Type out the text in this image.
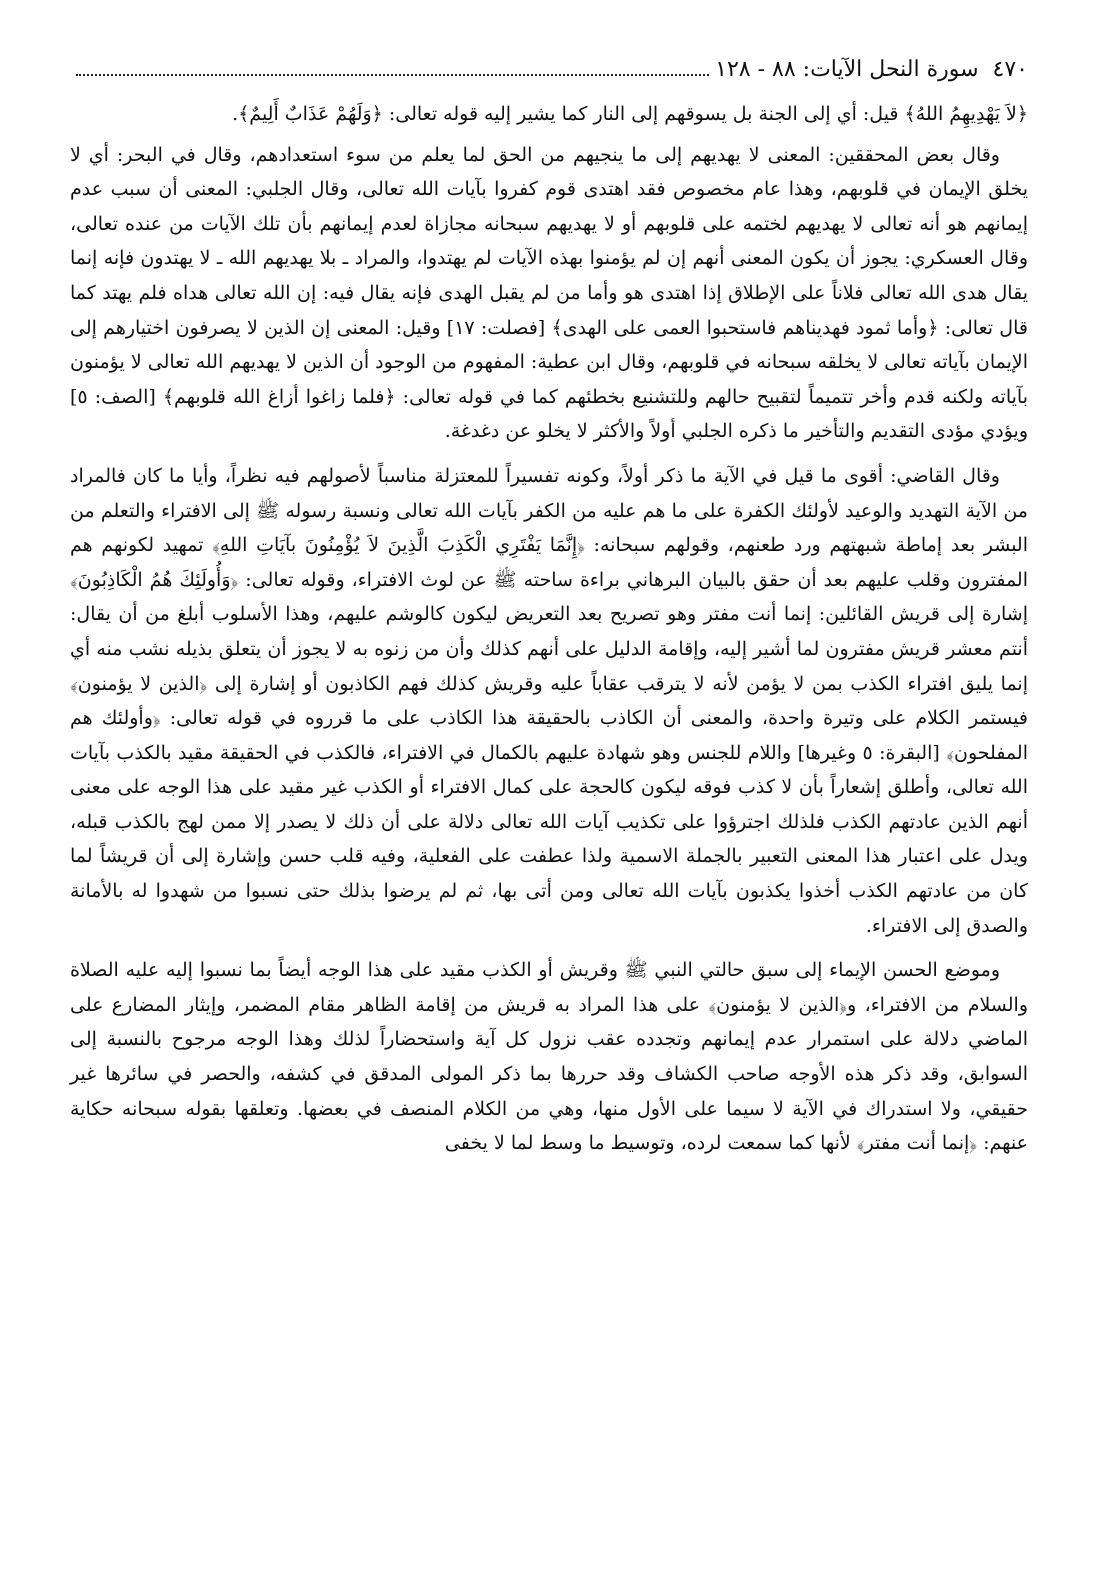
٤٧٠
سورة النحل الآيات: ٨٨ - ١٢٨

﴿لاَ يَهْدِيهِمُ اللهُ﴾ قيل: أي إلى الجنة بل يسوقهم إلى النار كما يشير إليه قوله تعالى: ﴿وَلَهُمْ عَذَابٌ أَلِيمٌ﴾.

وقال بعض المحققين: المعنى لا يهديهم إلى ما ينجيهم من الحق لما يعلم من سوء استعدادهم، وقال في البحر: أي لا يخلق الإيمان في قلوبهم، وهذا عام مخصوص فقد اهتدى قوم كفروا بآيات الله تعالى، وقال الجلبي: المعنى أن سبب عدم إيمانهم هو أنه تعالى لا يهديهم لختمه على قلوبهم أو لا يهديهم سبحانه مجازاة لعدم إيمانهم بأن تلك الآيات من عنده تعالى، وقال العسكري: يجوز أن يكون المعنى أنهم إن لم يؤمنوا بهذه الآيات لم يهتدوا، والمراد ـ بلا يهديهم الله ـ لا يهتدون فإنه إنما يقال هدى الله تعالى فلاناً على الإطلاق إذا اهتدى هو وأما من لم يقبل الهدى فإنه يقال فيه: إن الله تعالى هداه فلم يهتد كما قال تعالى: ﴿وأما ثمود فهديناهم فاستحبوا العمى على الهدى﴾ [فصلت: ١٧] وقيل: المعنى إن الذين لا يصرفون اختيارهم إلى الإيمان بآياته تعالى لا يخلقه سبحانه في قلوبهم، وقال ابن عطية: المفهوم من الوجود أن الذين لا يهديهم الله تعالى لا يؤمنون بآياته ولكنه قدم وأخر تتميماً لتقبيح حالهم وللتشنيع بخطئهم كما في قوله تعالى: ﴿فلما زاغوا أزاغ الله قلوبهم﴾ [الصف: ٥] ويؤدي مؤدى التقديم والتأخير ما ذكره الجلبي أولاً والأكثر لا يخلو عن دغدغة.

وقال القاضي: أقوى ما قيل في الآية ما ذكر أولاً، وكونه تفسيراً للمعتزلة مناسباً لأصولهم فيه نظراً، وأيا ما كان فالمراد من الآية التهديد والوعيد لأولئك الكفرة على ما هم عليه من الكفر بآيات الله تعالى ونسبة رسوله ﷺ إلى الافتراء والتعلم من البشر بعد إماطة شبهتهم ورد طعنهم، وقولهم سبحانه: ﴿إِنَّمَا يَفْتَرِي الْكَذِبَ الَّذِينَ لاَ يُؤْمِنُونَ بآيَاتِ اللهِ﴾ تمهيد لكونهم هم المفترون وقلب عليهم بعد أن حقق بالبيان البرهاني براءة ساحته ﷺ عن لوث الافتراء، وقوله تعالى: ﴿وَأُولَئِكَ هُمُ الْكَاذِبُونَ﴾ إشارة إلى قريش القائلين: إنما أنت مفتر وهو تصريح بعد التعريض ليكون كالوشم عليهم، وهذا الأسلوب أبلغ من أن يقال: أنتم معشر قريش مفترون لما أشير إليه، وإقامة الدليل على أنهم كذلك وأن من زنوه به لا يجوز أن يتعلق بذيله نشب منه أي إنما يليق افتراء الكذب بمن لا يؤمن لأنه لا يترقب عقاباً عليه وقريش كذلك فهم الكاذبون أو إشارة إلى ﴿الذين لا يؤمنون﴾ فيستمر الكلام على وتيرة واحدة، والمعنى أن الكاذب بالحقيقة هذا الكاذب على ما قرروه في قوله تعالى: ﴿وأولئك هم المفلحون﴾ [البقرة: ٥ وغيرها] واللام للجنس وهو شهادة عليهم بالكمال في الافتراء، فالكذب في الحقيقة مقيد بالكذب بآيات الله تعالى، وأطلق إشعاراً بأن لا كذب فوقه ليكون كالحجة على كمال الافتراء أو الكذب غير مقيد على هذا الوجه على معنى أنهم الذين عادتهم الكذب فلذلك اجترؤوا على تكذيب آيات الله تعالى دلالة على أن ذلك لا يصدر إلا ممن لهج بالكذب قبله، ويدل على اعتبار هذا المعنى التعبير بالجملة الاسمية ولذا عطفت على الفعلية، وفيه قلب حسن وإشارة إلى أن قريشاً لما كان من عادتهم الكذب أخذوا يكذبون بآيات الله تعالى ومن أتى بها، ثم لم يرضوا بذلك حتى نسبوا من شهدوا له بالأمانة والصدق إلى الافتراء.

وموضع الحسن الإيماء إلى سبق حالتي النبي ﷺ وقريش أو الكذب مقيد على هذا الوجه أيضاً بما نسبوا إليه عليه الصلاة والسلام من الافتراء، و﴿الذين لا يؤمنون﴾ على هذا المراد به قريش من إقامة الظاهر مقام المضمر، وإيثار المضارع على الماضي دلالة على استمرار عدم إيمانهم وتجدده عقب نزول كل آية واستحضاراً لذلك وهذا الوجه مرجوح بالنسبة إلى السوابق، وقد ذكر هذه الأوجه صاحب الكشاف وقد حررها بما ذكر المولى المدقق في كشفه، والحصر في سائرها غير حقيقي، ولا استدراك في الآية لا سيما على الأول منها، وهي من الكلام المنصف في بعضها. وتعلقها بقوله سبحانه حكاية عنهم: ﴿إنما أنت مفتر﴾ لأنها كما سمعت لرده، وتوسيط ما وسط لما لا يخفى
